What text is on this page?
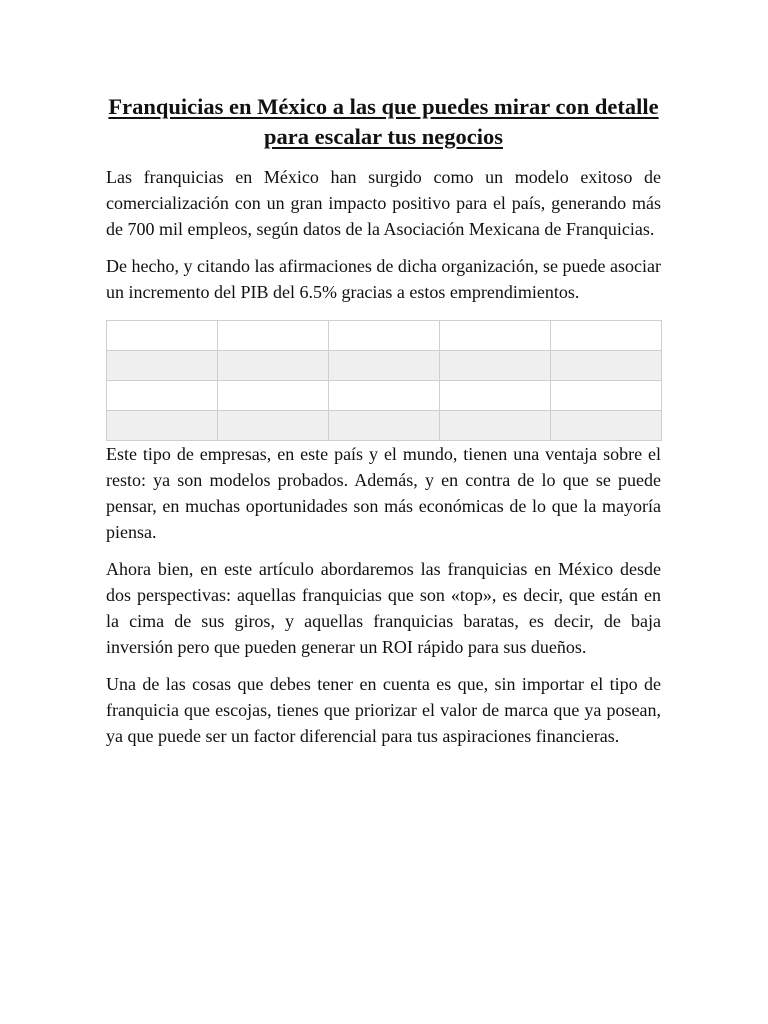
Franquicias en México a las que puedes mirar con detalle para escalar tus negocios

Las franquicias en México han surgido como un modelo exitoso de comercialización con un gran impacto positivo para el país, generando más de 700 mil empleos, según datos de la Asociación Mexicana de Franquicias.

De hecho, y citando las afirmaciones de dicha organización, se puede asociar un incremento del PIB del 6.5% gracias a estos emprendimientos.

Este tipo de empresas, en este país y el mundo, tienen una ventaja sobre el resto: ya son modelos probados. Además, y en contra de lo que se puede pensar, en muchas oportunidades son más económicas de lo que la mayoría piensa.

Ahora bien, en este artículo abordaremos las franquicias en México desde dos perspectivas: aquellas franquicias que son «top», es decir, que están en la cima de sus giros, y aquellas franquicias baratas, es decir, de baja inversión pero que pueden generar un ROI rápido para sus dueños.

Una de las cosas que debes tener en cuenta es que, sin importar el tipo de franquicia que escojas, tienes que priorizar el valor de marca que ya posean, ya que puede ser un factor diferencial para tus aspiraciones financieras.
